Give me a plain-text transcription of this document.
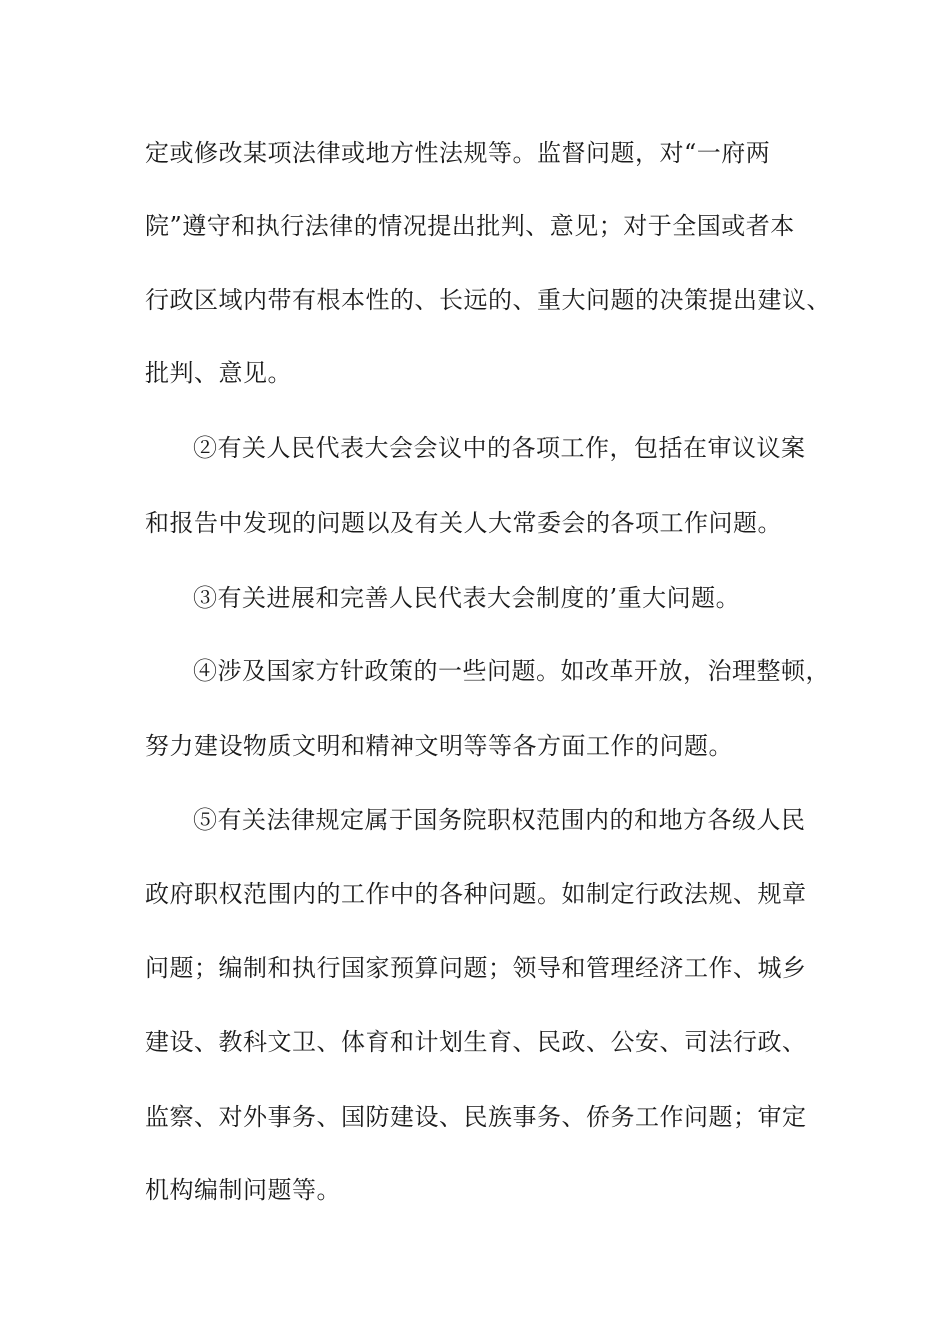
定或修改某项法律或地方性法规等。监督问题，对“一府两
院”遵守和执行法律的情况提出批判、意见；对于全国或者本
行政区域内带有根本性的、长远的、重大问题的决策提出建议、
批判、意见。
②有关人民代表大会会议中的各项工作，包括在审议议案
和报告中发现的问题以及有关人大常委会的各项工作问题。
③有关进展和完善人民代表大会制度的’重大问题。
④涉及国家方针政策的一些问题。如改革开放，治理整顿，
努力建设物质文明和精神文明等等各方面工作的问题。
⑤有关法律规定属于国务院职权范围内的和地方各级人民
政府职权范围内的工作中的各种问题。如制定行政法规、规章
问题；编制和执行国家预算问题；领导和管理经济工作、城乡
建设、教科文卫、体育和计划生育、民政、公安、司法行政、
监察、对外事务、国防建设、民族事务、侨务工作问题；审定
机构编制问题等。
